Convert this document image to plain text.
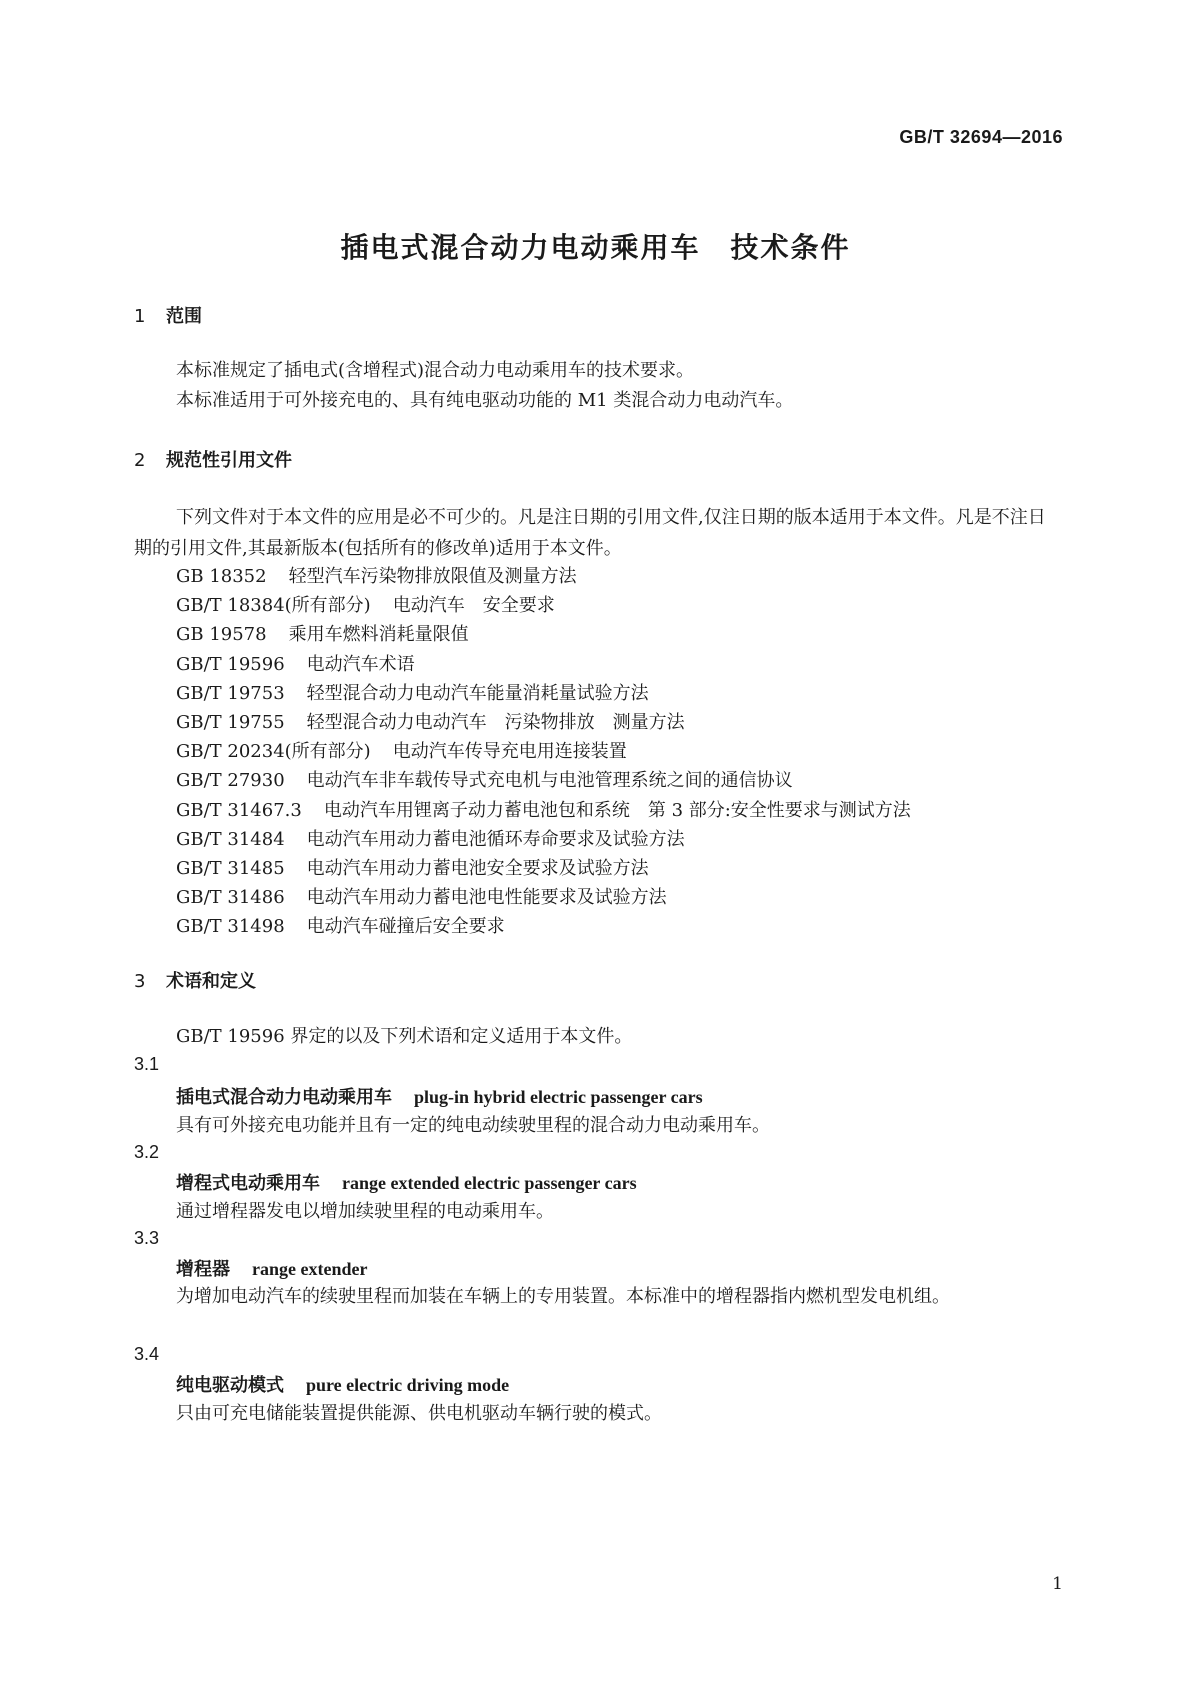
GB/T 32694—2016
插电式混合动力电动乘用车　技术条件
1 范围
本标准规定了插电式(含增程式)混合动力电动乘用车的技术要求。
本标准适用于可外接充电的、具有纯电驱动功能的 M1 类混合动力电动汽车。
2 规范性引用文件
下列文件对于本文件的应用是必不可少的。凡是注日期的引用文件,仅注日期的版本适用于本文件。凡是不注日期的引用文件,其最新版本(包括所有的修改单)适用于本文件。
GB 18352 轻型汽车污染物排放限值及测量方法
GB/T 18384(所有部分) 电动汽车　安全要求
GB 19578 乘用车燃料消耗量限值
GB/T 19596 电动汽车术语
GB/T 19753 轻型混合动力电动汽车能量消耗量试验方法
GB/T 19755 轻型混合动力电动汽车　污染物排放　测量方法
GB/T 20234(所有部分) 电动汽车传导充电用连接装置
GB/T 27930 电动汽车非车载传导式充电机与电池管理系统之间的通信协议
GB/T 31467.3 电动汽车用锂离子动力蓄电池包和系统　第 3 部分:安全性要求与测试方法
GB/T 31484 电动汽车用动力蓄电池循环寿命要求及试验方法
GB/T 31485 电动汽车用动力蓄电池安全要求及试验方法
GB/T 31486 电动汽车用动力蓄电池电性能要求及试验方法
GB/T 31498 电动汽车碰撞后安全要求
3 术语和定义
GB/T 19596 界定的以及下列术语和定义适用于本文件。
3.1
插电式混合动力电动乘用车 plug-in hybrid electric passenger cars
具有可外接充电功能并且有一定的纯电动续驶里程的混合动力电动乘用车。
3.2
增程式电动乘用车 range extended electric passenger cars
通过增程器发电以增加续驶里程的电动乘用车。
3.3
增程器 range extender
为增加电动汽车的续驶里程而加装在车辆上的专用装置。本标准中的增程器指内燃机型发电机组。
3.4
纯电驱动模式 pure electric driving mode
只由可充电储能装置提供能源、供电机驱动车辆行驶的模式。
1
